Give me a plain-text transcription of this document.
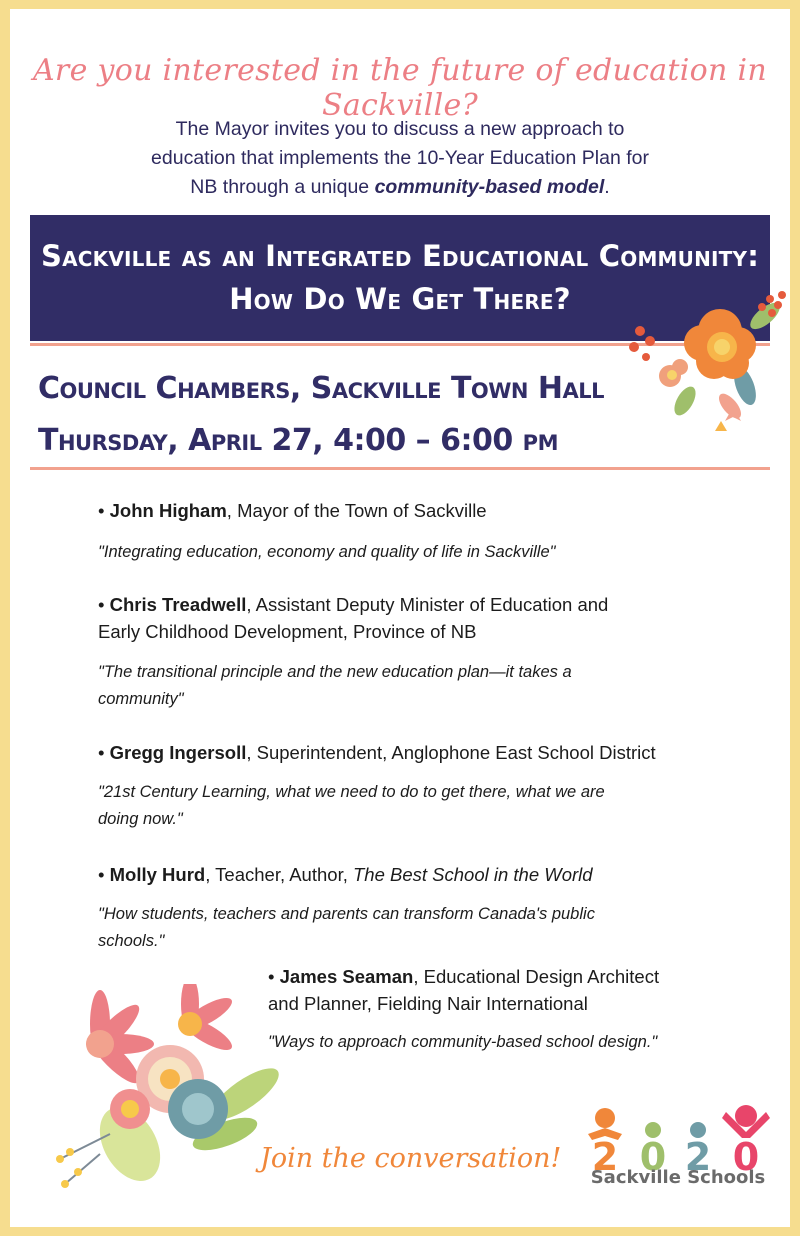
Are you interested in the future of education in Sackville?
The Mayor invites you to discuss a new approach to
education that implements the 10-Year Education Plan for
NB through a unique community-based model.
Sackville as an Integrated Educational Community:
How Do We Get There?
Council Chambers, Sackville Town Hall
Thursday, April 27, 4:00 – 6:00 pm
• John Higham, Mayor of the Town of Sackville
"Integrating education, economy and quality of life in Sackville"
• Chris Treadwell, Assistant Deputy Minister of Education and
Early Childhood Development, Province of NB
"The transitional principle and the new education plan—it takes a
community"
• Gregg Ingersoll, Superintendent, Anglophone East School District
"21st Century Learning, what we need to do to get there, what we are
doing now."
• Molly Hurd, Teacher, Author, The Best School in the World
"How students, teachers and parents can transform Canada's public
schools."
• James Seaman, Educational Design Architect
and Planner, Fielding Nair International
"Ways to approach community-based school design."
Join the conversation! 2 0 2 0
Sackville Schools
